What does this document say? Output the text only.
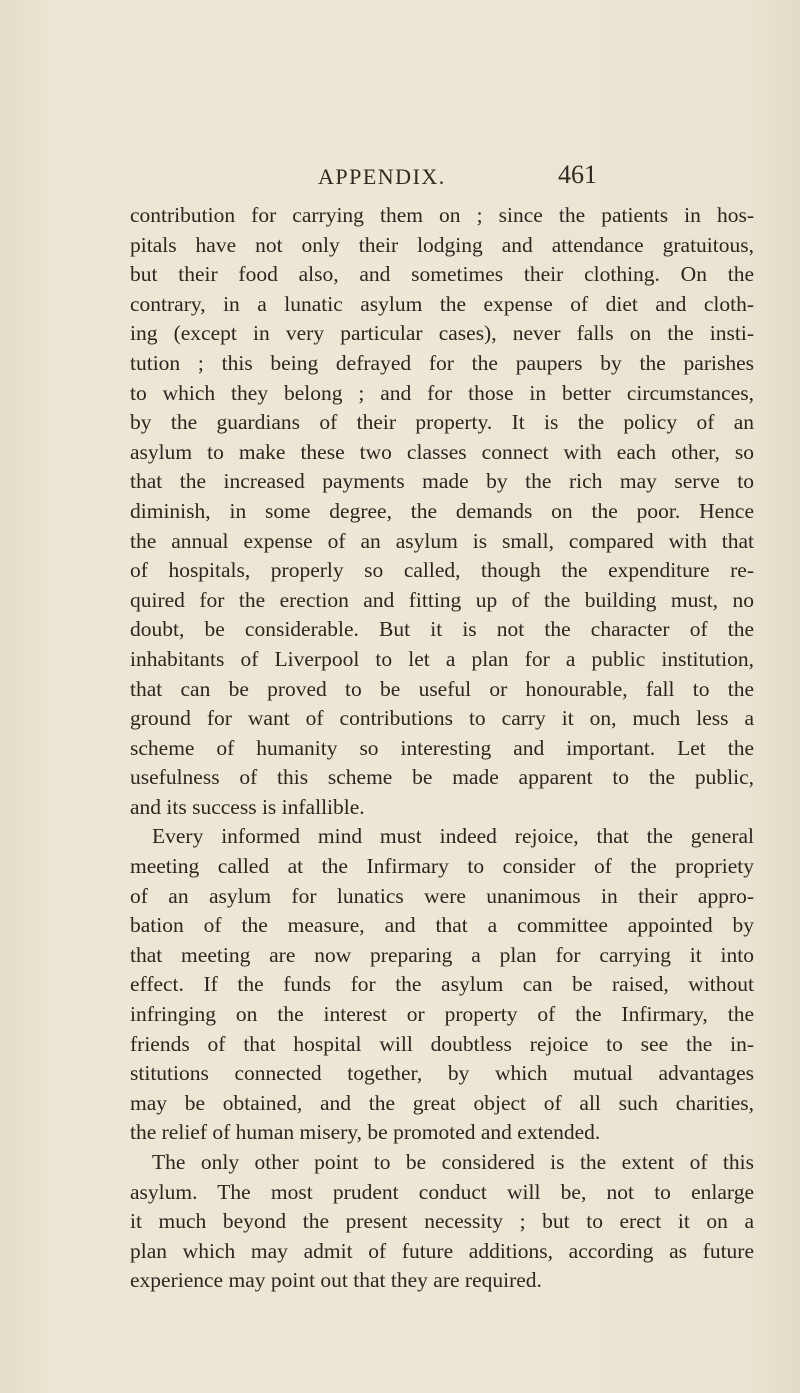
APPENDIX.	461
contribution for carrying them on ; since the patients in hos-
pitals have not only their lodging and attendance gratuitous,
but their food also, and sometimes their clothing. On the
contrary, in a lunatic asylum the expense of diet and cloth-
ing (except in very particular cases), never falls on the insti-
tution ; this being defrayed for the paupers by the parishes
to which they belong ; and for those in better circumstances,
by the guardians of their property. It is the policy of an
asylum to make these two classes connect with each other, so
that the increased payments made by the rich may serve to
diminish, in some degree, the demands on the poor. Hence
the annual expense of an asylum is small, compared with that
of hospitals, properly so called, though the expenditure re-
quired for the erection and fitting up of the building must, no
doubt, be considerable. But it is not the character of the
inhabitants of Liverpool to let a plan for a public institution,
that can be proved to be useful or honourable, fall to the
ground for want of contributions to carry it on, much less a
scheme of humanity so interesting and important. Let the
usefulness of this scheme be made apparent to the public,
and its success is infallible.
Every informed mind must indeed rejoice, that the general
meeting called at the Infirmary to consider of the propriety
of an asylum for lunatics were unanimous in their appro-
bation of the measure, and that a committee appointed by
that meeting are now preparing a plan for carrying it into
effect. If the funds for the asylum can be raised, without
infringing on the interest or property of the Infirmary, the
friends of that hospital will doubtless rejoice to see the in-
stitutions connected together, by which mutual advantages
may be obtained, and the great object of all such charities,
the relief of human misery, be promoted and extended.
The only other point to be considered is the extent of this
asylum. The most prudent conduct will be, not to enlarge
it much beyond the present necessity ; but to erect it on a
plan which may admit of future additions, according as future
experience may point out that they are required.
